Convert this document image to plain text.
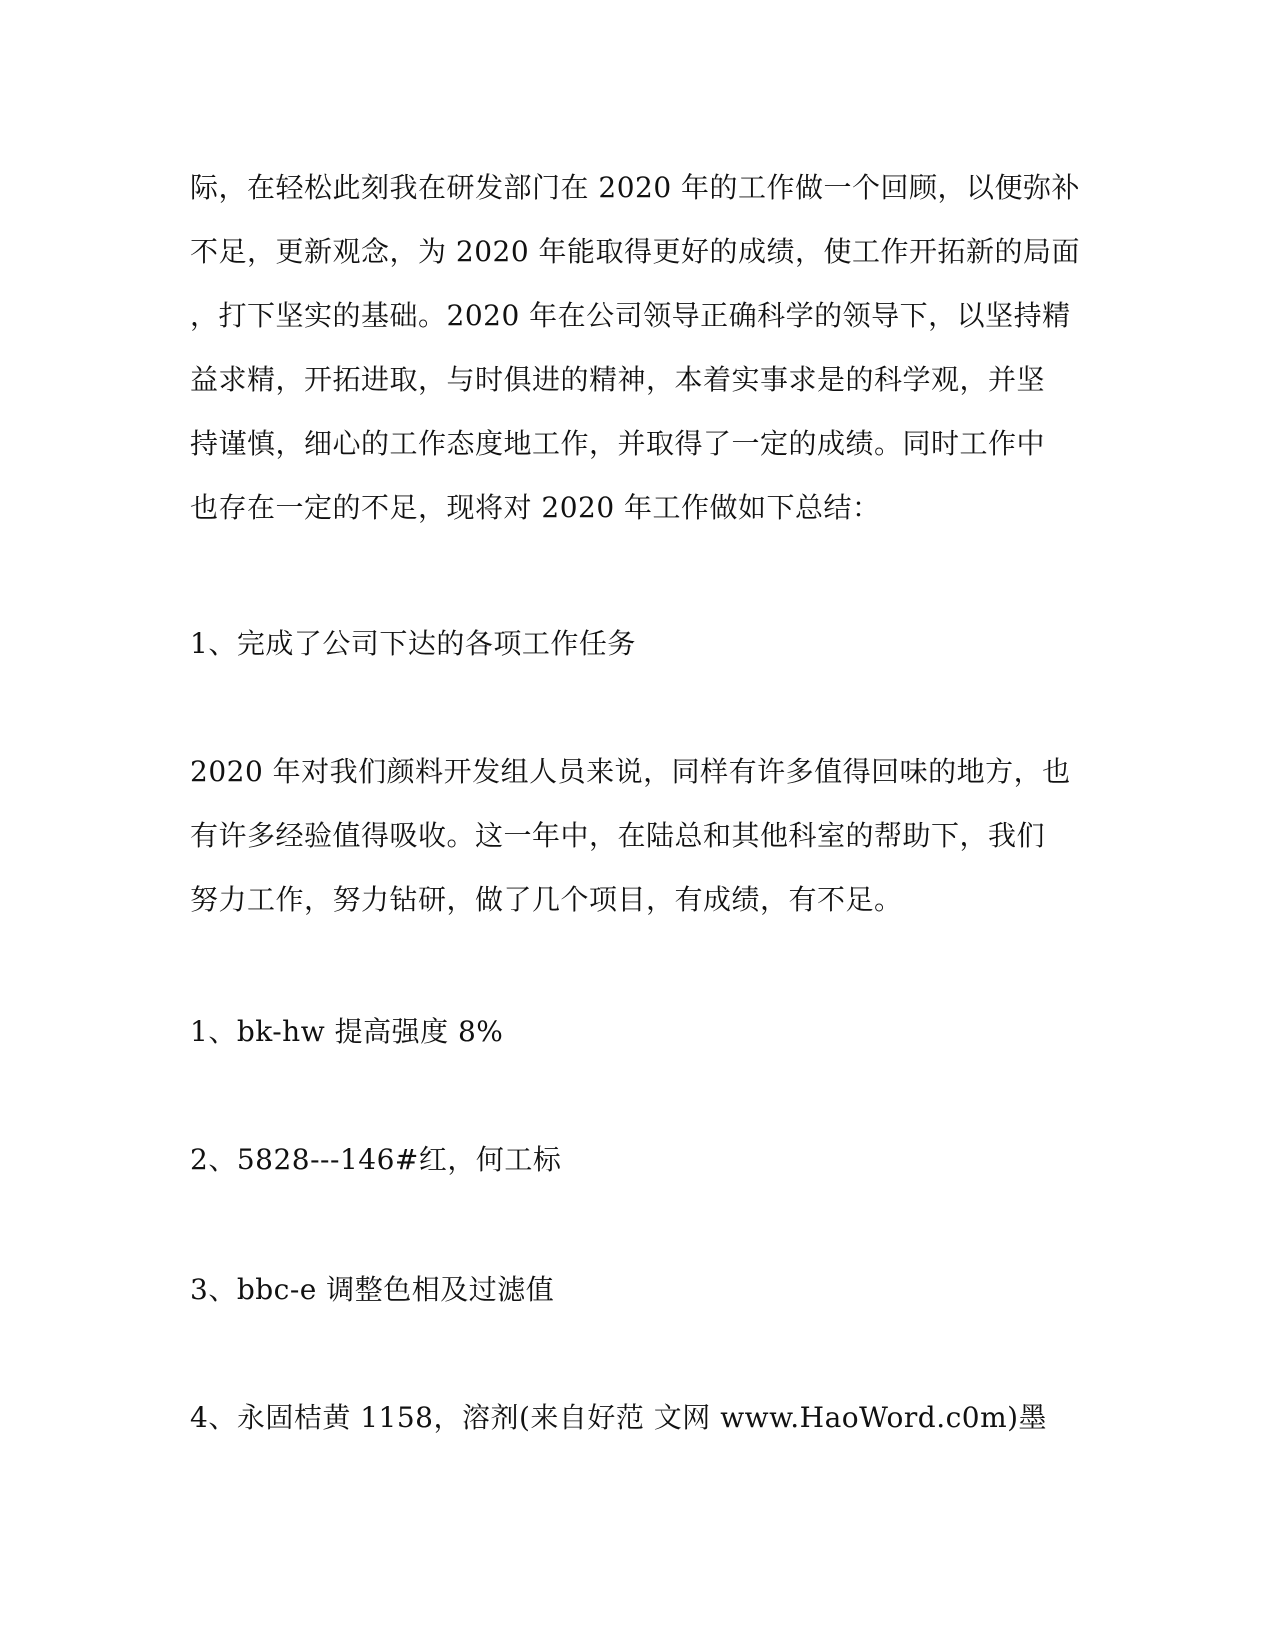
际，在轻松此刻我在研发部门在 2020 年的工作做一个回顾，以便弥补
不足，更新观念，为 2020 年能取得更好的成绩，使工作开拓新的局面
，打下坚实的基础。2020 年在公司领导正确科学的领导下，以坚持精
益求精，开拓进取，与时俱进的精神，本着实事求是的科学观，并坚
持谨慎，细心的工作态度地工作，并取得了一定的成绩。同时工作中
也存在一定的不足，现将对 2020 年工作做如下总结：
1、完成了公司下达的各项工作任务
2020 年对我们颜料开发组人员来说，同样有许多值得回味的地方，也
有许多经验值得吸收。这一年中，在陆总和其他科室的帮助下，我们
努力工作，努力钻研，做了几个项目，有成绩，有不足。
1、bk-hw 提高强度 8%
2、5828---146#红，何工标
3、bbc-e 调整色相及过滤值
4、永固桔黄 1158，溶剂(来自好范 文网 www.HaoWord.c0m)墨
